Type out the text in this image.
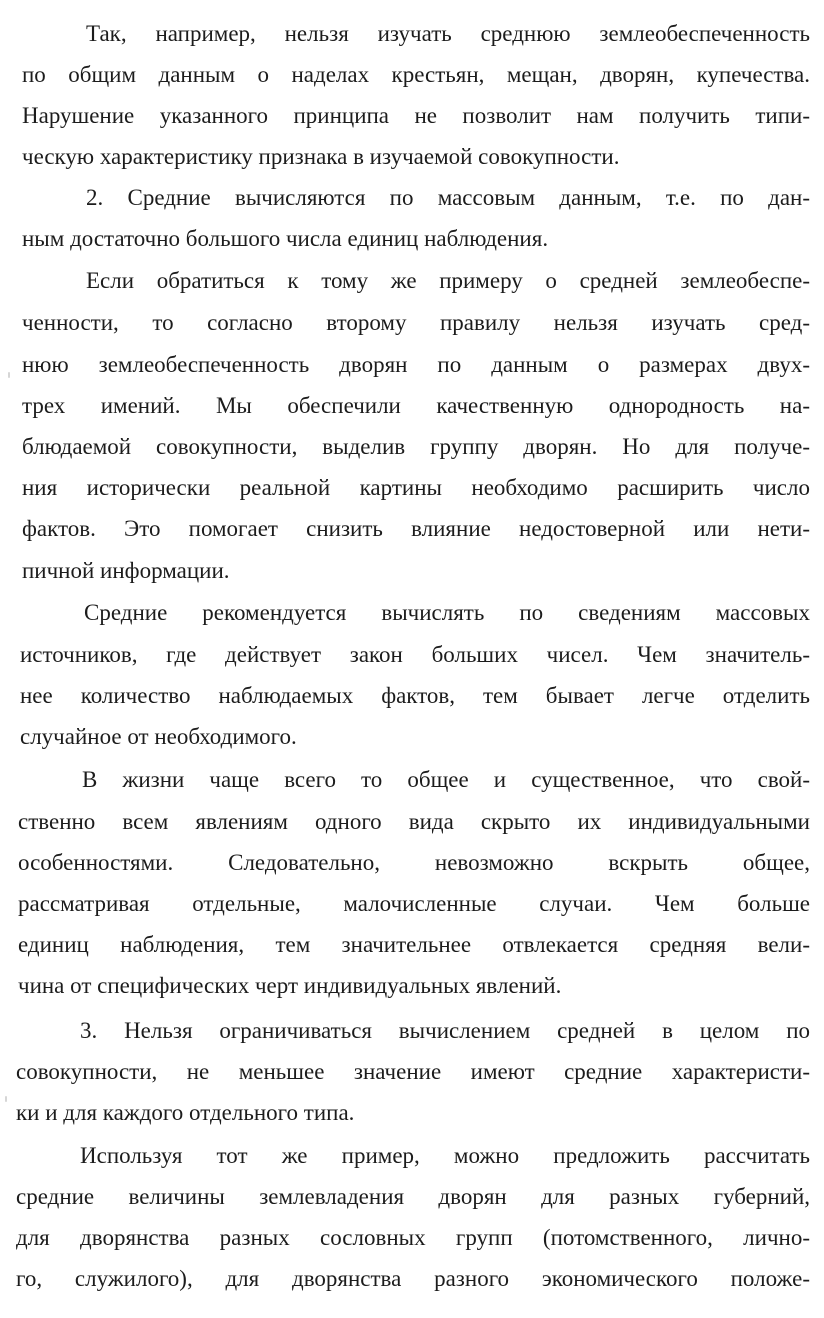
Так, например, нельзя изучать среднюю землеобеспеченность
по общим данным о наделах крестьян, мещан, дворян, купечества.
Нарушение указанного принципа не позволит нам получить типи-
ческую характеристику признака в изучаемой совокупности.
2. Средние вычисляются по массовым данным, т.е. по дан-
ным достаточно большого числа единиц наблюдения.
Если обратиться к тому же примеру о средней землеобеспе-
ченности, то согласно второму правилу нельзя изучать сред-
нюю землеобеспеченность дворян по данным о размерах двух-
трех имений. Мы обеспечили качественную однородность на-
блюдаемой совокупности, выделив группу дворян. Но для получе-
ния исторически реальной картины необходимо расширить число
фактов. Это помогает снизить влияние недостоверной или нети-
пичной информации.
Средние рекомендуется вычислять по сведениям массовых
источников, где действует закон больших чисел. Чем значитель-
нее количество наблюдаемых фактов, тем бывает легче отделить
случайное от необходимого.
В жизни чаще всего то общее и существенное, что свой-
ственно всем явлениям одного вида скрыто их индивидуальными
особенностями. Следовательно, невозможно вскрыть общее,
рассматривая отдельные, малочисленные случаи. Чем больше
единиц наблюдения, тем значительнее отвлекается средняя вели-
чина от специфических черт индивидуальных явлений.
3. Нельзя ограничиваться вычислением средней в целом по
совокупности, не меньшее значение имеют средние характеристи-
ки и для каждого отдельного типа.
Используя тот же пример, можно предложить рассчитать
средние величины землевладения дворян для разных губерний,
для дворянства разных сословных групп (потомственного, лично-
го, служилого), для дворянства разного экономического положе-
